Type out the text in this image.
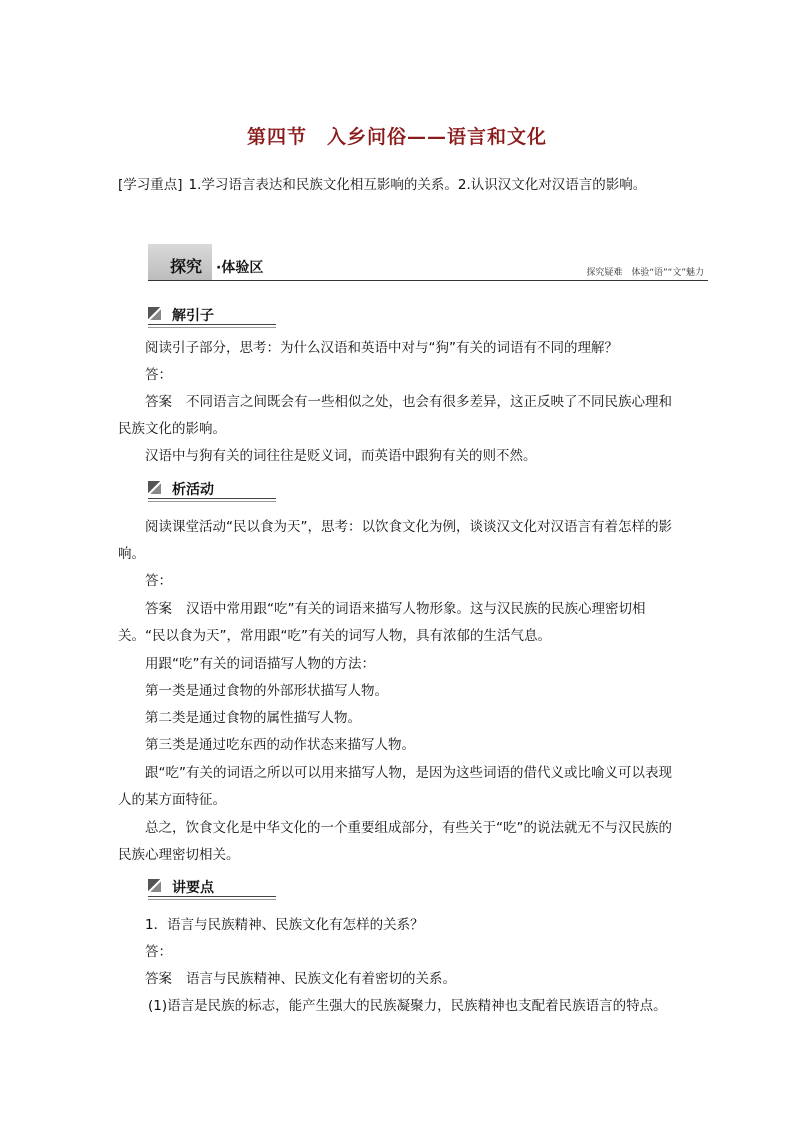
第四节　入乡问俗——语言和文化
[学习重点] 1.学习语言表达和民族文化相互影响的关系。2.认识汉文化对汉语言的影响。
探究 ·体验区	探究疑难　体验“语”“文”魅力
解引子
阅读引子部分，思考：为什么汉语和英语中对与“狗”有关的词语有不同的理解？
答：
答案 不同语言之间既会有一些相似之处，也会有很多差异，这正反映了不同民族心理和民族文化的影响。
汉语中与狗有关的词往往是贬义词，而英语中跟狗有关的则不然。
析活动
阅读课堂活动“民以食为天”，思考：以饮食文化为例，谈谈汉文化对汉语言有着怎样的影响。
答：
答案 汉语中常用跟“吃”有关的词语来描写人物形象。这与汉民族的民族心理密切相关。“民以食为天”，常用跟“吃”有关的词写人物，具有浓郁的生活气息。
用跟“吃”有关的词语描写人物的方法：
第一类是通过食物的外部形状描写人物。
第二类是通过食物的属性描写人物。
第三类是通过吃东西的动作状态来描写人物。
跟“吃”有关的词语之所以可以用来描写人物，是因为这些词语的借代义或比喻义可以表现人的某方面特征。
总之，饮食文化是中华文化的一个重要组成部分，有些关于“吃”的说法就无不与汉民族的民族心理密切相关。
讲要点
1．语言与民族精神、民族文化有怎样的关系？
答：
答案 语言与民族精神、民族文化有着密切的关系。
(1)语言是民族的标志，能产生强大的民族凝聚力，民族精神也支配着民族语言的特点。
